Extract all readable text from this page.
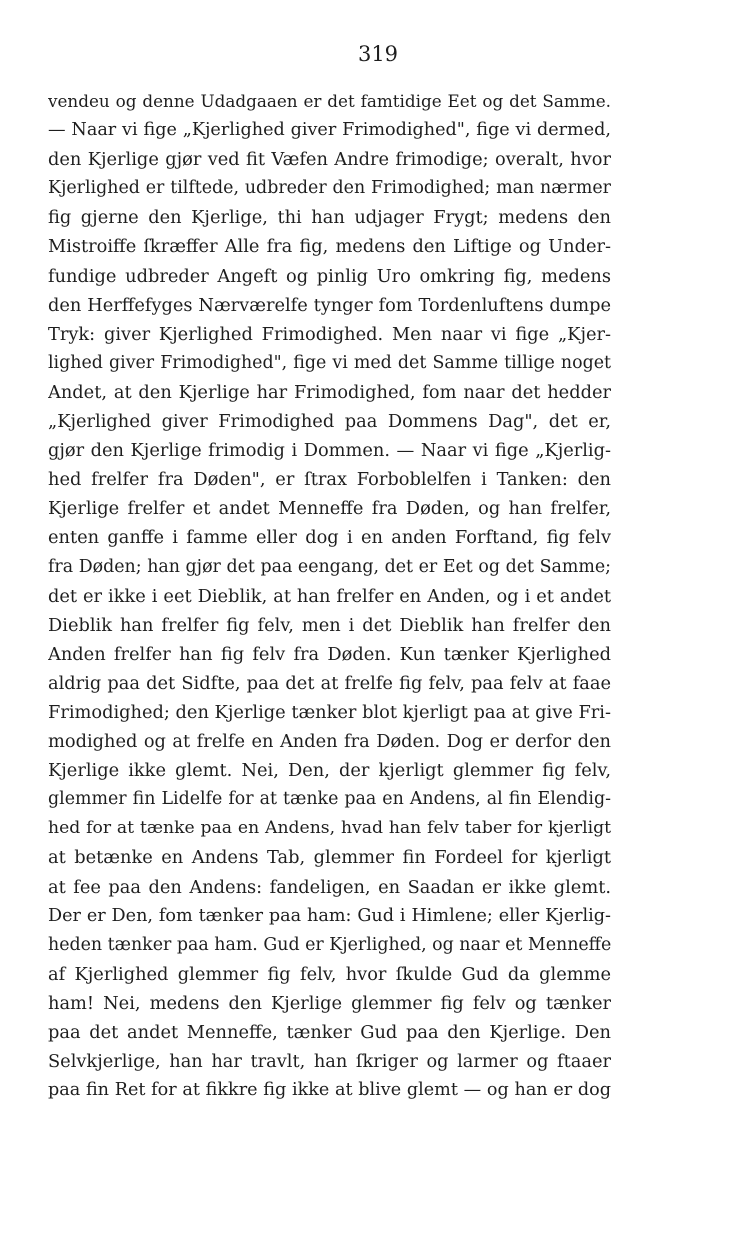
319
vendeu og denne Udadgaaen er det famtidige Eet og det Samme.
— Naar vi fige „Kjerlighed giver Frimodighed", fige vi dermed,
den Kjerlige gjør ved fit Væfen Andre frimodige; overalt, hvor
Kjerlighed er tilftede, udbreder den Frimodighed; man nærmer
fig gjerne den Kjerlige, thi han udjager Frygt; medens den
Mistroiffe ſkræffer Alle fra fig, medens den Liftige og Under-
fundige udbreder Angeft og pinlig Uro omkring fig, medens
den Herffefyges Nærværelfe tynger fom Tordenluftens dumpe
Tryk: giver Kjerlighed Frimodighed. Men naar vi fige „Kjer-
lighed giver Frimodighed", fige vi med det Samme tillige noget
Andet, at den Kjerlige har Frimodighed, fom naar det hedder
„Kjerlighed giver Frimodighed paa Dommens Dag", det er,
gjør den Kjerlige frimodig i Dommen. — Naar vi fige „Kjerlig-
hed frelfer fra Døden", er ſtrax Forboblelfen i Tanken: den
Kjerlige frelfer et andet Menneffe fra Døden, og han frelfer,
enten ganffe i famme eller dog i en anden Forftand, fig felv
fra Døden; han gjør det paa eengang, det er Eet og det Samme;
det er ikke i eet Dieblik, at han frelfer en Anden, og i et andet
Dieblik han frelfer fig felv, men i det Dieblik han frelfer den
Anden frelfer han fig felv fra Døden. Kun tænker Kjerlighed
aldrig paa det Sidfte, paa det at frelfe fig felv, paa felv at faae
Frimodighed; den Kjerlige tænker blot kjerligt paa at give Fri-
modighed og at frelfe en Anden fra Døden. Dog er derfor den
Kjerlige ikke glemt. Nei, Den, der kjerligt glemmer fig felv,
glemmer fin Lidelfe for at tænke paa en Andens, al fin Elendig-
hed for at tænke paa en Andens, hvad han felv taber for kjerligt
at betænke en Andens Tab, glemmer fin Fordeel for kjerligt
at fee paa den Andens: fandeligen, en Saadan er ikke glemt.
Der er Den, fom tænker paa ham: Gud i Himlene; eller Kjerlig-
heden tænker paa ham. Gud er Kjerlighed, og naar et Menneffe
af Kjerlighed glemmer fig felv, hvor ſkulde Gud da glemme
ham! Nei, medens den Kjerlige glemmer fig felv og tænker
paa det andet Menneffe, tænker Gud paa den Kjerlige. Den
Selvkjerlige, han har travlt, han ſkriger og larmer og ftaaer
paa fin Ret for at fikkre fig ikke at blive glemt — og han er dog
